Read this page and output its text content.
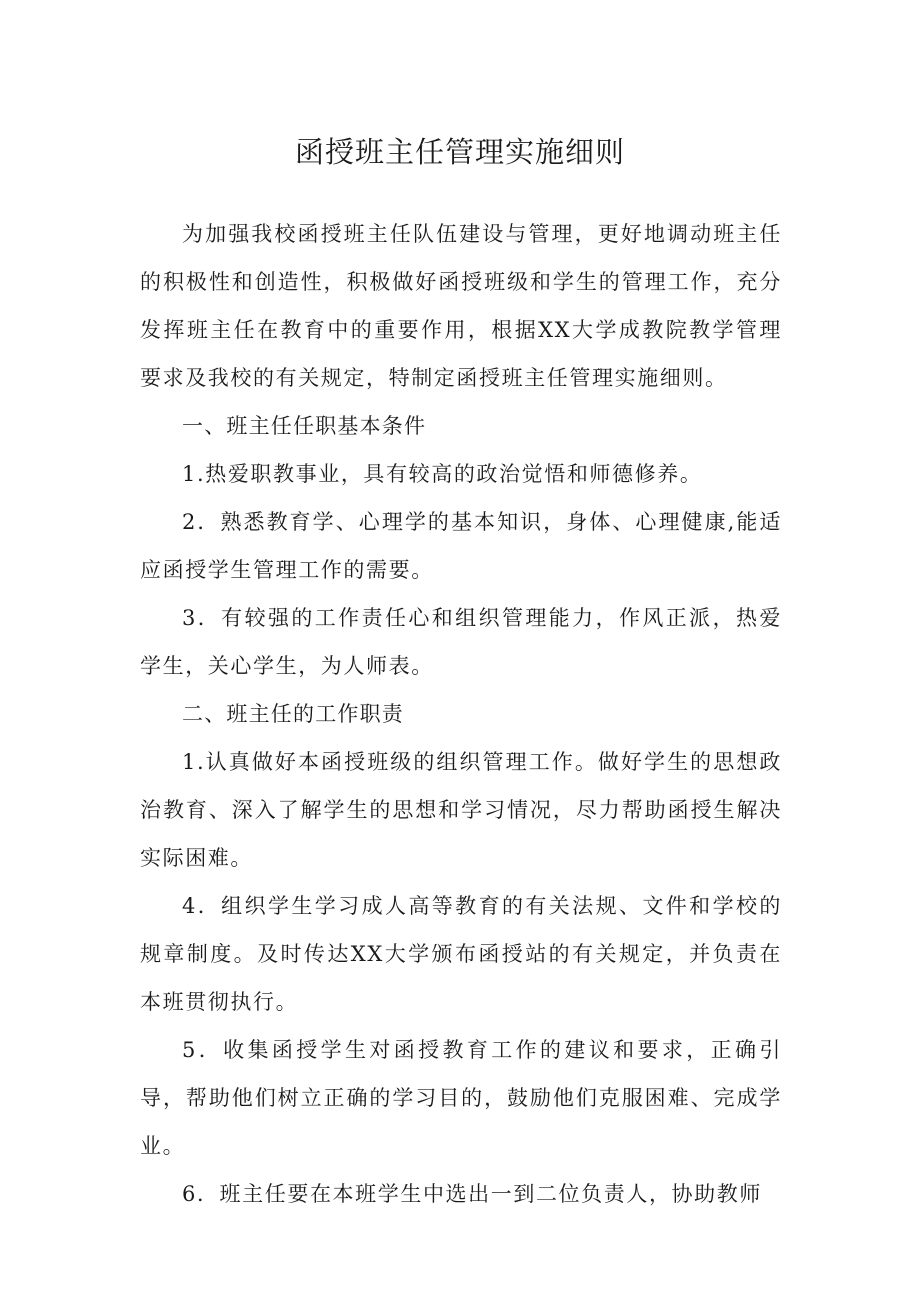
函授班主任管理实施细则

为加强我校函授班主任队伍建设与管理，更好地调动班主任的积极性和创造性，积极做好函授班级和学生的管理工作，充分发挥班主任在教育中的重要作用，根据XX大学成教院教学管理要求及我校的有关规定，特制定函授班主任管理实施细则。

一、班主任任职基本条件

1.热爱职教事业，具有较高的政治觉悟和师德修养。

2．熟悉教育学、心理学的基本知识，身体、心理健康,能适应函授学生管理工作的需要。

3．有较强的工作责任心和组织管理能力，作风正派，热爱学生，关心学生，为人师表。

二、班主任的工作职责

1.认真做好本函授班级的组织管理工作。做好学生的思想政治教育、深入了解学生的思想和学习情况，尽力帮助函授生解决实际困难。

4．组织学生学习成人高等教育的有关法规、文件和学校的规章制度。及时传达XX大学颁布函授站的有关规定，并负责在本班贯彻执行。

5．收集函授学生对函授教育工作的建议和要求，正确引导，帮助他们树立正确的学习目的，鼓励他们克服困难、完成学业。

6．班主任要在本班学生中选出一到二位负责人，协助教师
